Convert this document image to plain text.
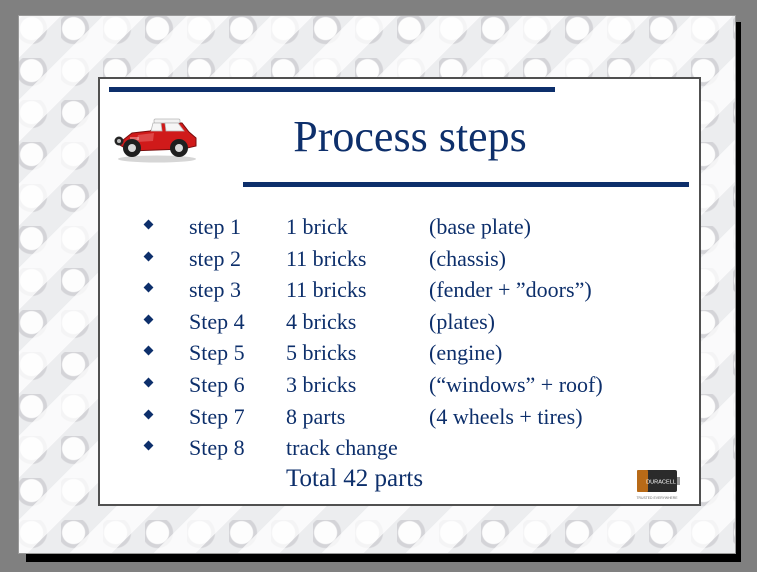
Process steps
step 1 1 brick	(base plate)
step 2 11 bricks	(chassis)
step 3 11 bricks	(fender + ”doors”)
Step 4 4 bricks	(plates)
Step 5 5 bricks	(engine)
Step 6 3 bricks	(“windows” + roof)
Step 7 8 parts	(4 wheels + tires)
Step 8 track change
Total 42 parts	DURACELL
TRUSTED EVERYWHERE
